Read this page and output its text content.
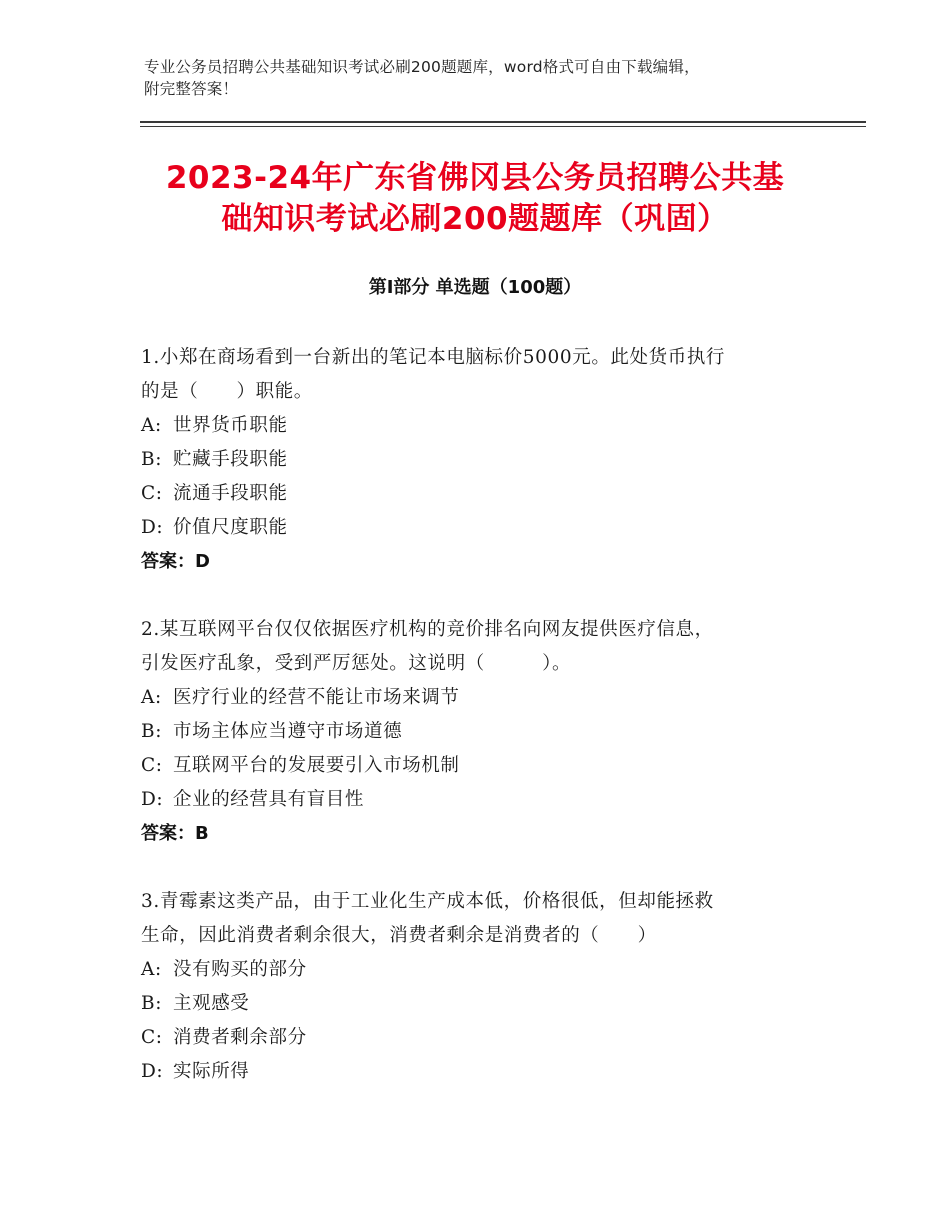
专业公务员招聘公共基础知识考试必刷200题题库，word格式可自由下载编辑，
附完整答案！
2023-24年广东省佛冈县公务员招聘公共基
础知识考试必刷200题题库（巩固）
第Ⅰ部分 单选题（100题）
1.小郑在商场看到一台新出的笔记本电脑标价5000元。此处货币执行
的是（　　）职能。
A: 世界货币职能
B: 贮藏手段职能
C: 流通手段职能
D: 价值尺度职能
答案：D
2.某互联网平台仅仅依据医疗机构的竞价排名向网友提供医疗信息，
引发医疗乱象，受到严厉惩处。这说明（　　　）。
A: 医疗行业的经营不能让市场来调节
B: 市场主体应当遵守市场道德
C: 互联网平台的发展要引入市场机制
D: 企业的经营具有盲目性
答案：B
3.青霉素这类产品，由于工业化生产成本低，价格很低，但却能拯救
生命，因此消费者剩余很大，消费者剩余是消费者的（　　）
A: 没有购买的部分
B: 主观感受
C: 消费者剩余部分
D: 实际所得
